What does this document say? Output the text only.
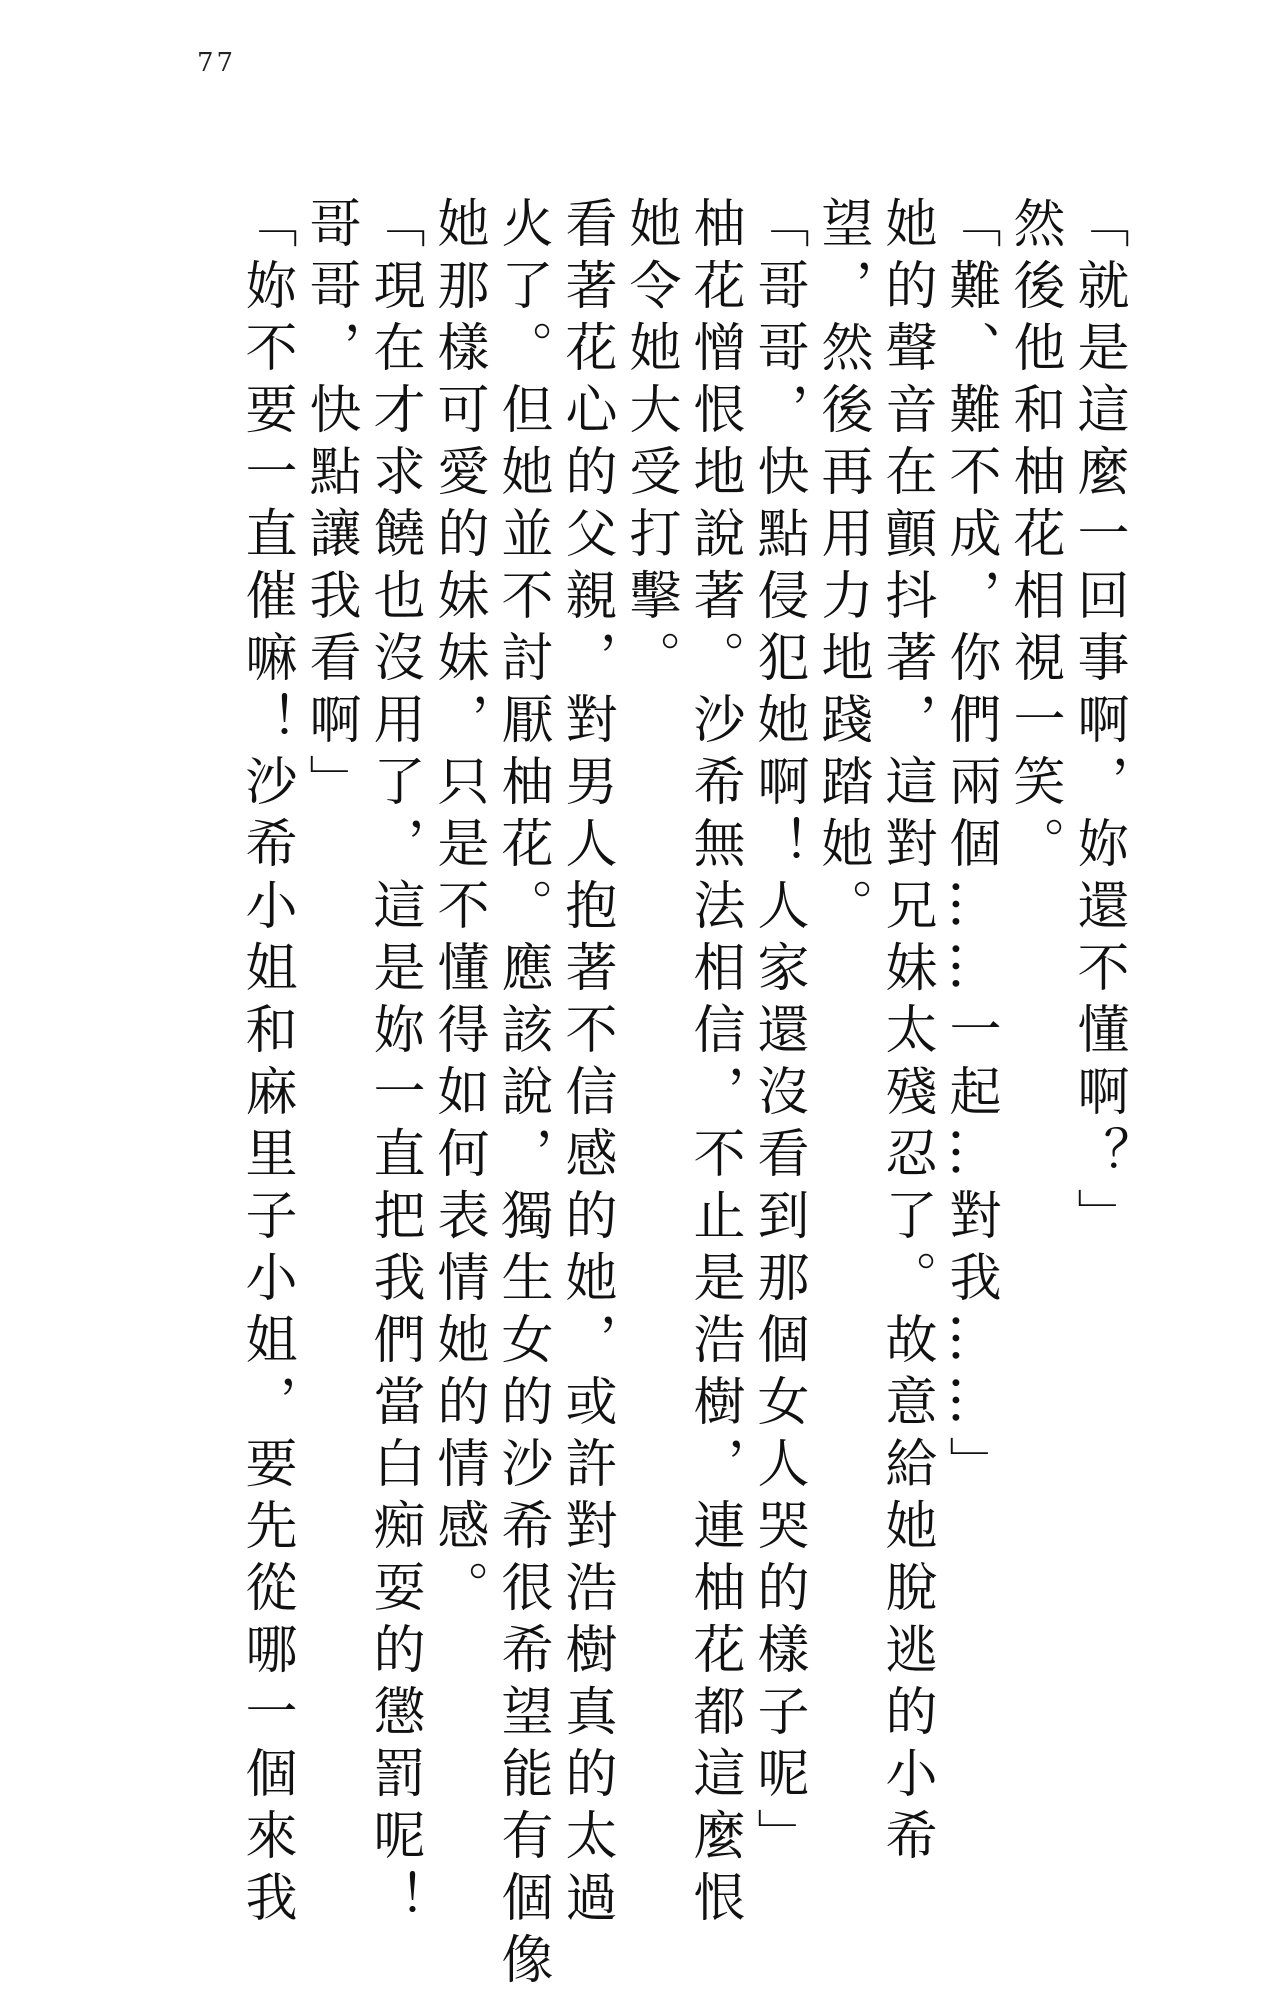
77

「就是這麼一回事啊，妳還不懂啊？」

然後他和柚花相視一笑。

「難、難不成，你們兩個……一起…對我……」

她的聲音在顫抖著，這對兄妹太殘忍了。故意給她脫逃的小希

望，然後再用力地踐踏她。

「哥哥，快點侵犯她啊！人家還沒看到那個女人哭的樣子呢」

柚花憎恨地說著。沙希無法相信，不止是浩樹，連柚花都這麼恨

她令她大受打擊。

看著花心的父親，對男人抱著不信感的她，或許對浩樹真的太過

火了。但她並不討厭柚花。應該說，獨生女的沙希很希望能有個像

她那樣可愛的妹妹，只是不懂得如何表情她的情感。

「現在才求饒也沒用了，這是妳一直把我們當白痴耍的懲罰呢！

哥哥，快點讓我看啊」

「妳不要一直催嘛！沙希小姐和麻里子小姐，要先從哪一個來我
